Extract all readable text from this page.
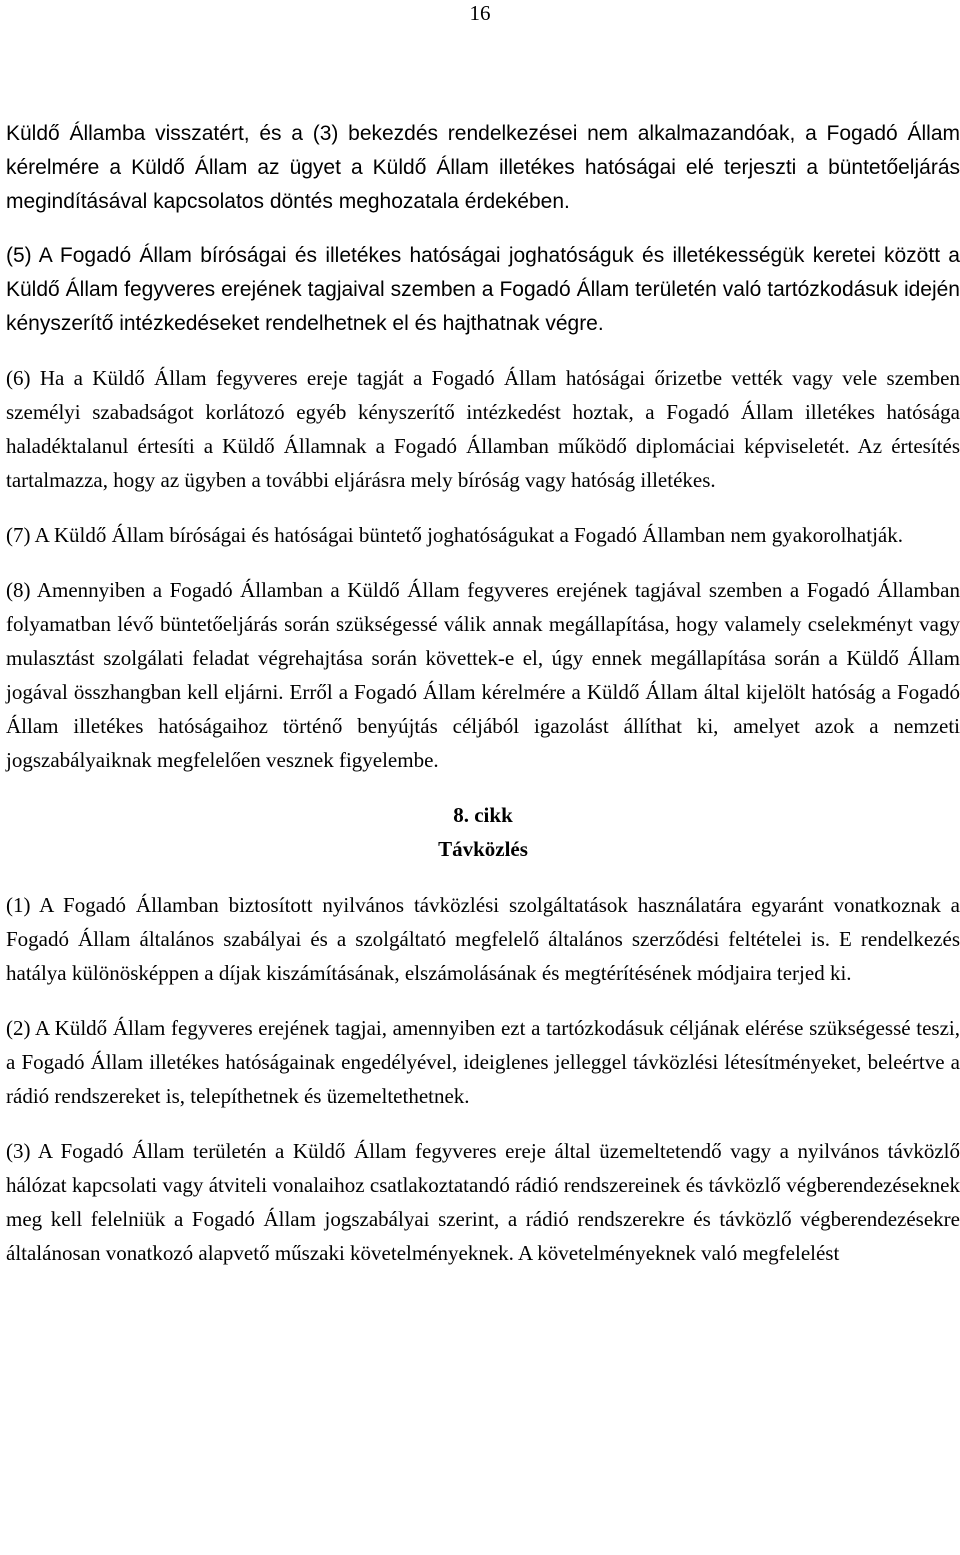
16

Küldő Államba visszatért, és a (3) bekezdés rendelkezései nem alkalmazandóak, a Fogadó Állam kérelmére a Küldő Állam az ügyet a Küldő Állam illetékes hatóságai elé terjeszti a büntetőeljárás megindításával kapcsolatos döntés meghozatala érdekében.

(5) A Fogadó Állam bíróságai és illetékes hatóságai joghatóságuk és illetékességük keretei között a Küldő Állam fegyveres erejének tagjaival szemben a Fogadó Állam területén való tartózkodásuk idején kényszerítő intézkedéseket rendelhetnek el és hajthatnak végre.

(6) Ha a Küldő Állam fegyveres ereje tagját a Fogadó Állam hatóságai őrizetbe vették vagy vele szemben személyi szabadságot korlátozó egyéb kényszerítő intézkedést hoztak, a Fogadó Állam illetékes hatósága haladéktalanul értesíti a Küldő Államnak a Fogadó Államban működő diplomáciai képviseletét. Az értesítés tartalmazza, hogy az ügyben a további eljárásra mely bíróság vagy hatóság illetékes.

(7) A Küldő Állam bíróságai és hatóságai büntető joghatóságukat a Fogadó Államban nem gyakorolhatják.

(8) Amennyiben a Fogadó Államban a Küldő Állam fegyveres erejének tagjával szemben a Fogadó Államban folyamatban lévő büntetőeljárás során szükségessé válik annak megállapítása, hogy valamely cselekményt vagy mulasztást szolgálati feladat végrehajtása során követtek-e el, úgy ennek megállapítása során a Küldő Állam jogával összhangban kell eljárni. Erről a Fogadó Állam kérelmére a Küldő Állam által kijelölt hatóság a Fogadó Állam illetékes hatóságaihoz történő benyújtás céljából igazolást állíthat ki, amelyet azok a nemzeti jogszabályaiknak megfelelően vesznek figyelembe.

8. cikk
Távközlés

(1) A Fogadó Államban biztosított nyilvános távközlési szolgáltatások használatára egyaránt vonatkoznak a Fogadó Állam általános szabályai és a szolgáltató megfelelő általános szerződési feltételei is. E rendelkezés hatálya különösképpen a díjak kiszámításának, elszámolásának és megtérítésének módjaira terjed ki.

(2) A Küldő Állam fegyveres erejének tagjai, amennyiben ezt a tartózkodásuk céljának elérése szükségessé teszi, a Fogadó Állam illetékes hatóságainak engedélyével, ideiglenes jelleggel távközlési létesítményeket, beleértve a rádió rendszereket is, telepíthetnek és üzemeltethetnek.

(3) A Fogadó Állam területén a Küldő Állam fegyveres ereje által üzemeltetendő vagy a nyilvános távközlő hálózat kapcsolati vagy átviteli vonalaihoz csatlakoztatandó rádió rendszereinek és távközlő végberendezéseknek meg kell felelniük a Fogadó Állam jogszabályai szerint, a rádió rendszerekre és távközlő végberendezésekre általánosan vonatkozó alapvető műszaki követelményeknek. A követelményeknek való megfelelést
